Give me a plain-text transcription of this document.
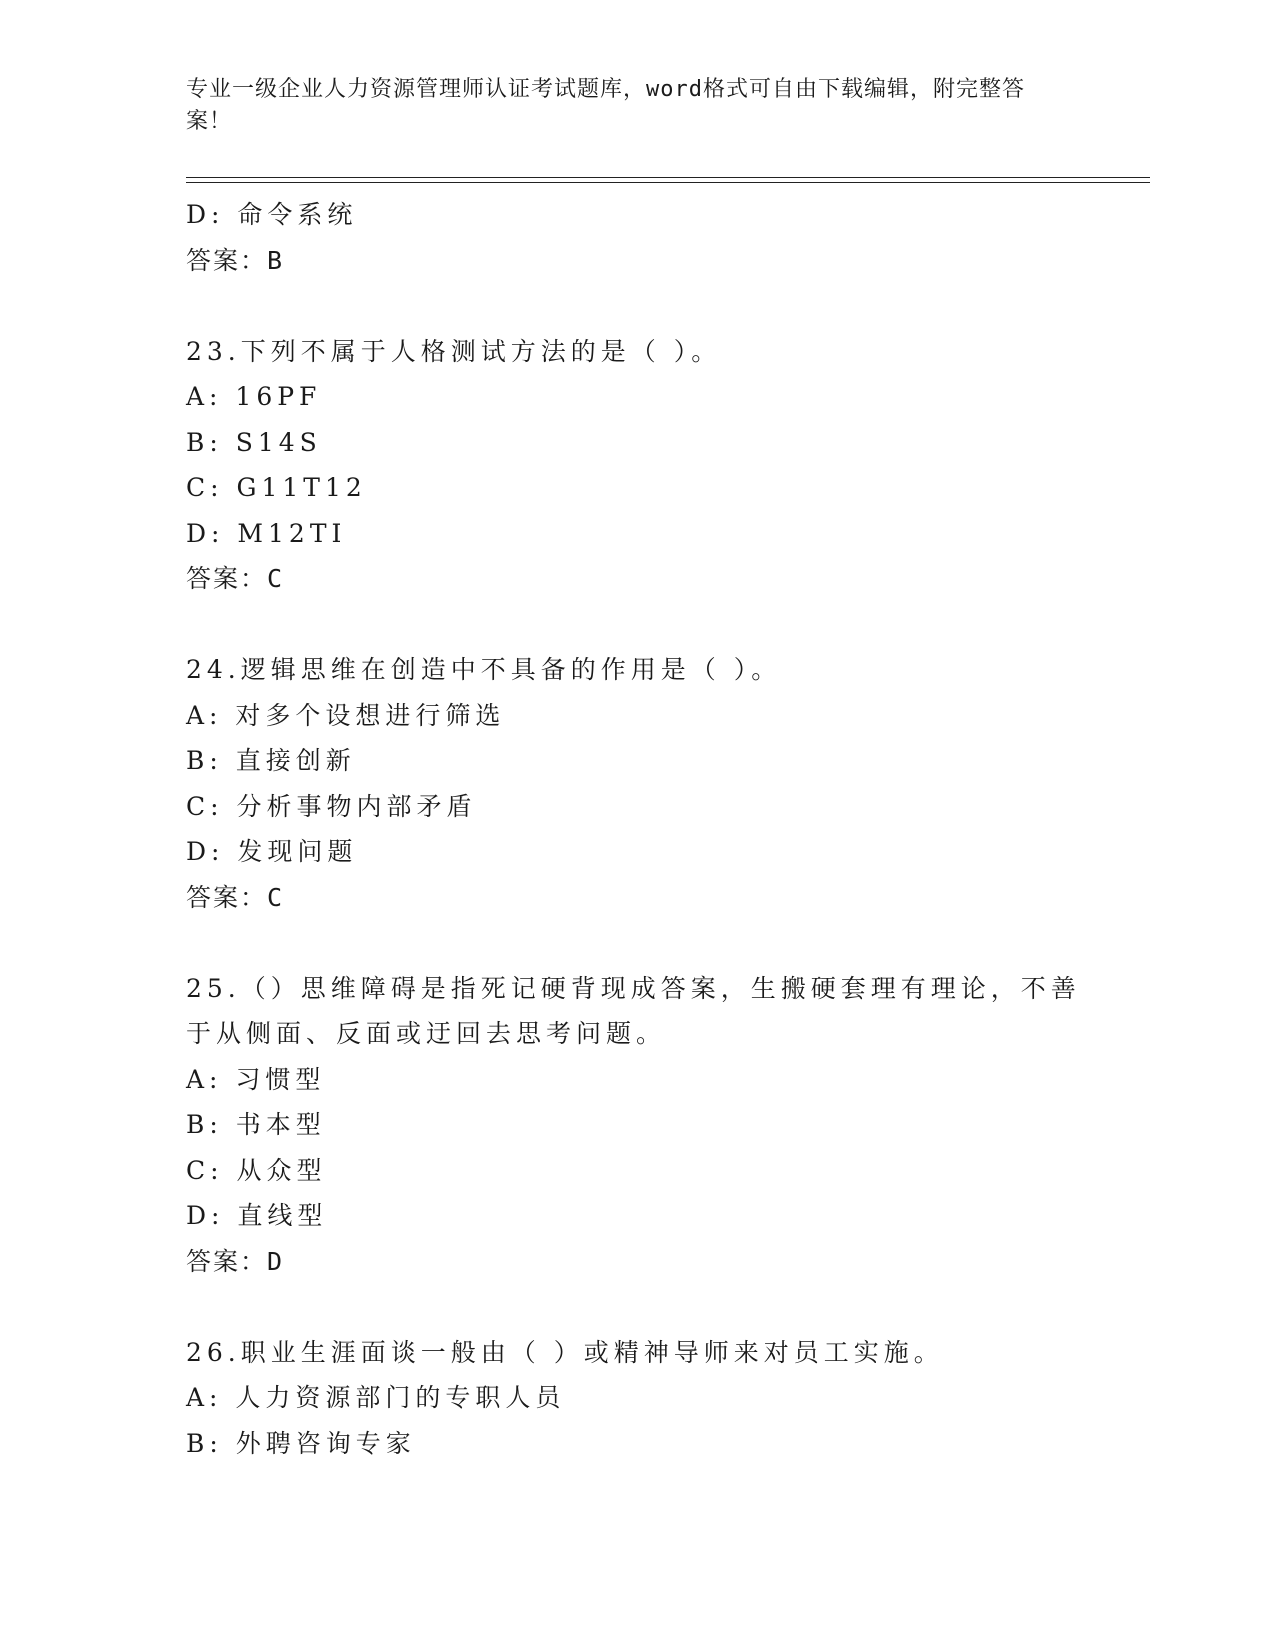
专业一级企业人力资源管理师认证考试题库，word格式可自由下载编辑，附完整答案！
D: 命令系统
答案：B
23.下列不属于人格测试方法的是（ ）。
A: 16PF
B: S14S
C: G11T12
D: M12TI
答案：C
24.逻辑思维在创造中不具备的作用是（ ）。
A: 对多个设想进行筛选
B: 直接创新
C: 分析事物内部矛盾
D: 发现问题
答案：C
25.（）思维障碍是指死记硬背现成答案，生搬硬套理有理论，不善于从侧面、反面或迂回去思考问题。
A: 习惯型
B: 书本型
C: 从众型
D: 直线型
答案：D
26.职业生涯面谈一般由（ ）或精神导师来对员工实施。
A: 人力资源部门的专职人员
B: 外聘咨询专家
